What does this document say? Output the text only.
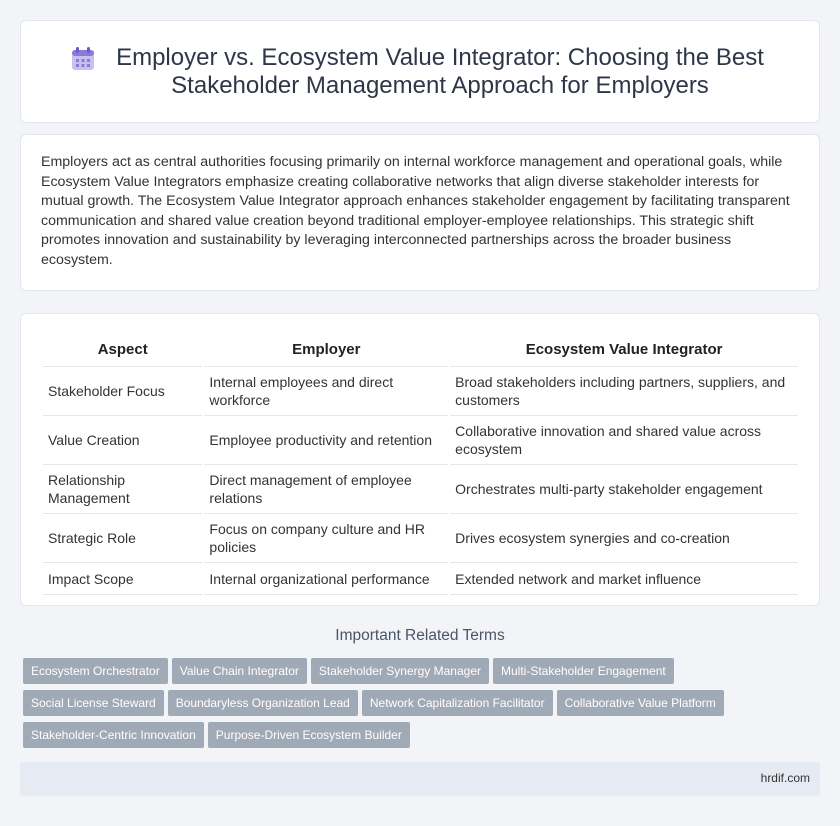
Employer vs. Ecosystem Value Integrator: Choosing the Best Stakeholder Management Approach for Employers

Employers act as central authorities focusing primarily on internal workforce management and operational goals, while Ecosystem Value Integrators emphasize creating collaborative networks that align diverse stakeholder interests for mutual growth. The Ecosystem Value Integrator approach enhances stakeholder engagement by facilitating transparent communication and shared value creation beyond traditional employer-employee relationships. This strategic shift promotes innovation and sustainability by leveraging interconnected partnerships across the broader business ecosystem.

Aspect	Employer	Ecosystem Value Integrator
Stakeholder Focus	Internal employees and direct workforce	Broad stakeholders including partners, suppliers, and customers
Value Creation	Employee productivity and retention	Collaborative innovation and shared value across ecosystem
Relationship Management	Direct management of employee relations	Orchestrates multi-party stakeholder engagement
Strategic Role	Focus on company culture and HR policies	Drives ecosystem synergies and co-creation
Impact Scope	Internal organizational performance	Extended network and market influence
Important Related Terms
Ecosystem Orchestrator Value Chain Integrator Stakeholder Synergy Manager Multi-Stakeholder Engagement
Social License Steward Boundaryless Organization Lead Network Capitalization Facilitator Collaborative Value Platform
Stakeholder-Centric Innovation Purpose-Driven Ecosystem Builder
hrdif.com
